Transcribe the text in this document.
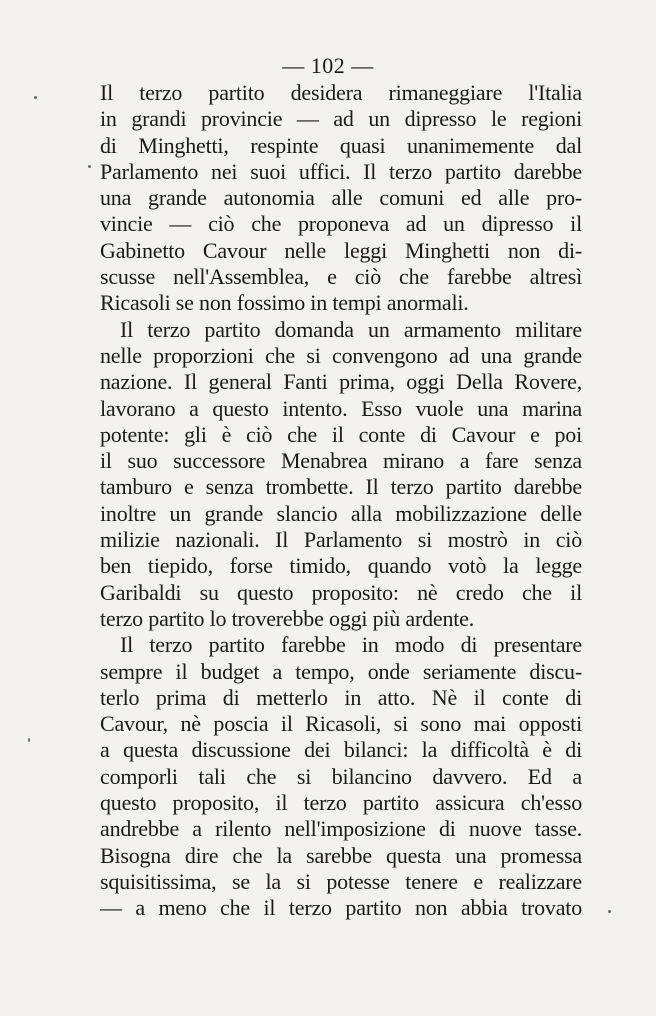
— 102 —
Il terzo partito desidera rimaneggiare l'Italia
in grandi provincie — ad un dipresso le regioni
di Minghetti, respinte quasi unanimemente dal
Parlamento nei suoi uffici. Il terzo partito darebbe
una grande autonomia alle comuni ed alle pro-
vincie — ciò che proponeva ad un dipresso il
Gabinetto Cavour nelle leggi Minghetti non di-
scusse nell'Assemblea, e ciò che farebbe altresì
Ricasoli se non fossimo in tempi anormali.
Il terzo partito domanda un armamento militare
nelle proporzioni che si convengono ad una grande
nazione. Il general Fanti prima, oggi Della Rovere,
lavorano a questo intento. Esso vuole una marina
potente: gli è ciò che il conte di Cavour e poi
il suo successore Menabrea mirano a fare senza
tamburo e senza trombette. Il terzo partito darebbe
inoltre un grande slancio alla mobilizzazione delle
milizie nazionali. Il Parlamento si mostrò in ciò
ben tiepido, forse timido, quando votò la legge
Garibaldi su questo proposito: nè credo che il
terzo partito lo troverebbe oggi più ardente.
Il terzo partito farebbe in modo di presentare
sempre il budget a tempo, onde seriamente discu-
terlo prima di metterlo in atto. Nè il conte di
Cavour, nè poscia il Ricasoli, si sono mai opposti
a questa discussione dei bilanci: la difficoltà è di
comporli tali che si bilancino davvero. Ed a
questo proposito, il terzo partito assicura ch'esso
andrebbe a rilento nell'imposizione di nuove tasse.
Bisogna dire che la sarebbe questa una promessa
squisitissima, se la si potesse tenere e realizzare
— a meno che il terzo partito non abbia trovato
